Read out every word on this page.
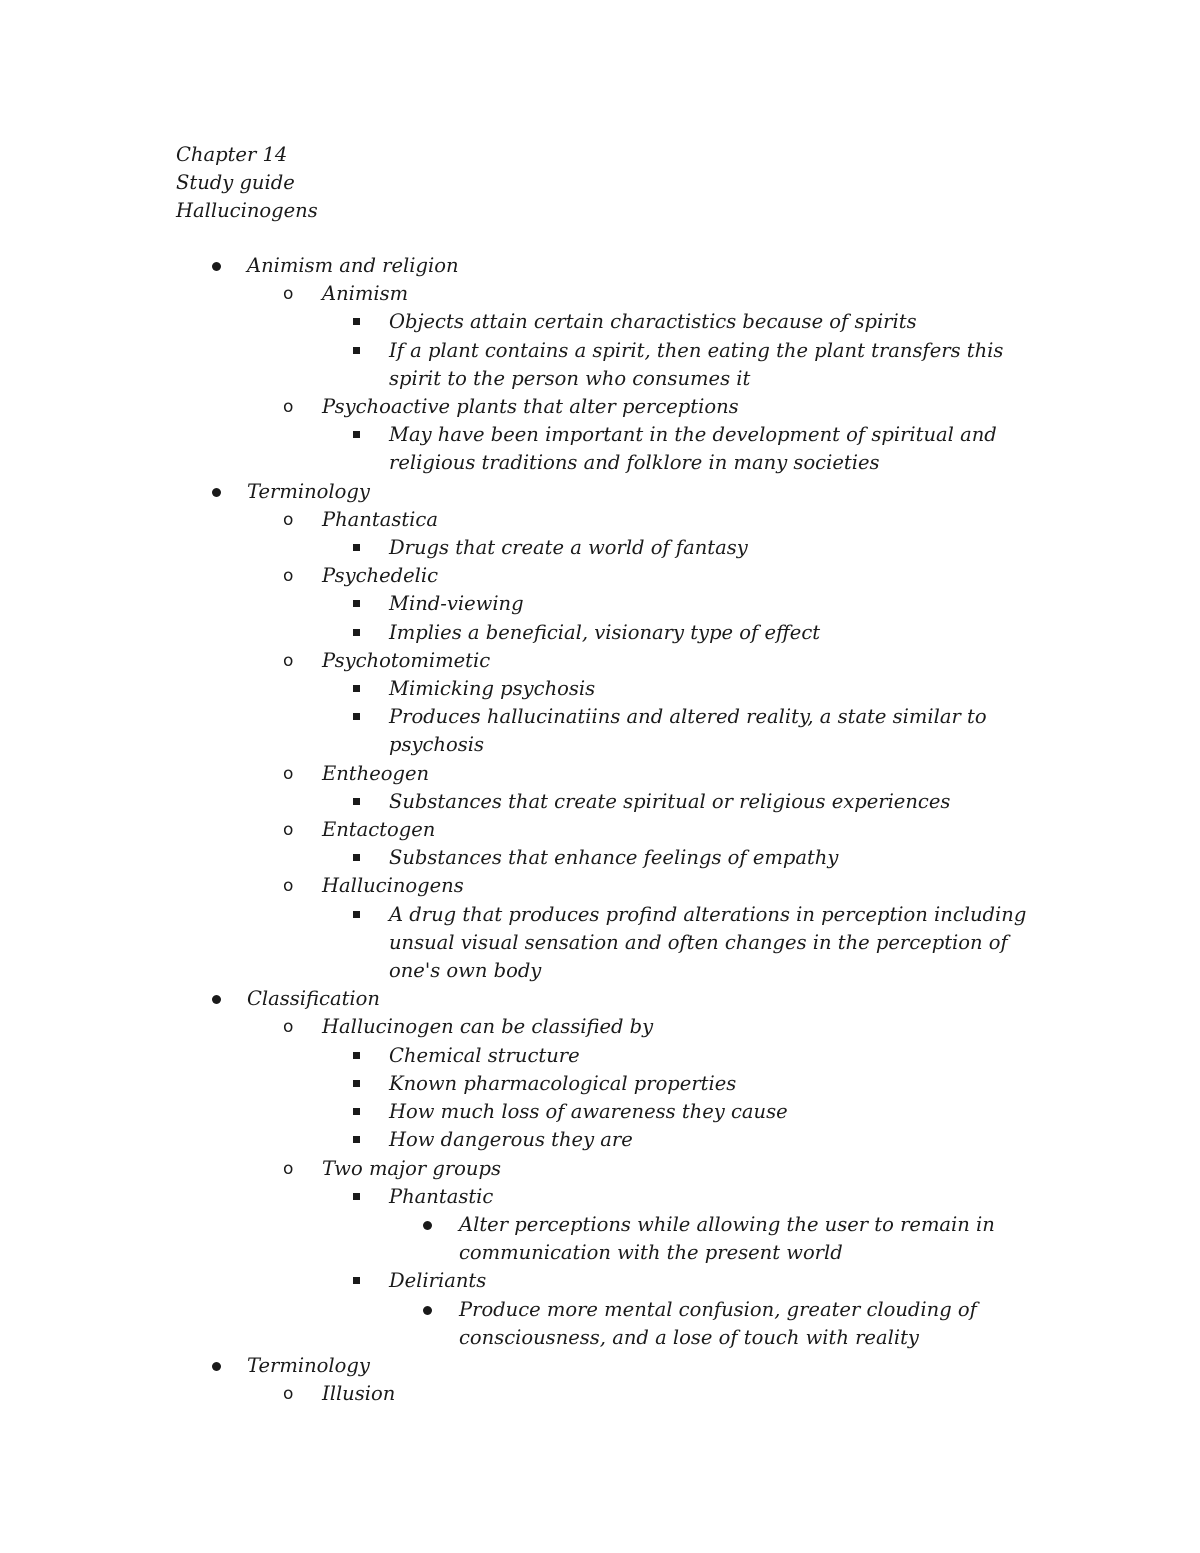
Chapter 14
Study guide
Hallucinogens
Animism and religion
o Animism
Objects attain certain charactistics because of spirits
If a plant contains a spirit, then eating the plant transfers this spirit to the person who consumes it
o Psychoactive plants that alter perceptions
May have been important in the development of spiritual and religious traditions and folklore in many societies
Terminology
o Phantastica
Drugs that create a world of fantasy
o Psychedelic
Mind-viewing
Implies a beneficial, visionary type of effect
o Psychotomimetic
Mimicking psychosis
Produces hallucinatiins and altered reality, a state similar to psychosis
o Entheogen
Substances that create spiritual or religious experiences
o Entactogen
Substances that enhance feelings of empathy
o Hallucinogens
A drug that produces profind alterations in perception including unsual visual sensation and often changes in the perception of one's own body
Classification
o Hallucinogen can be classified by
Chemical structure
Known pharmacological properties
How much loss of awareness they cause
How dangerous they are
o Two major groups
Phantastic
Alter perceptions while allowing the user to remain in communication with the present world
Deliriants
Produce more mental confusion, greater clouding of consciousness, and a lose of touch with reality
Terminology
o Illusion
